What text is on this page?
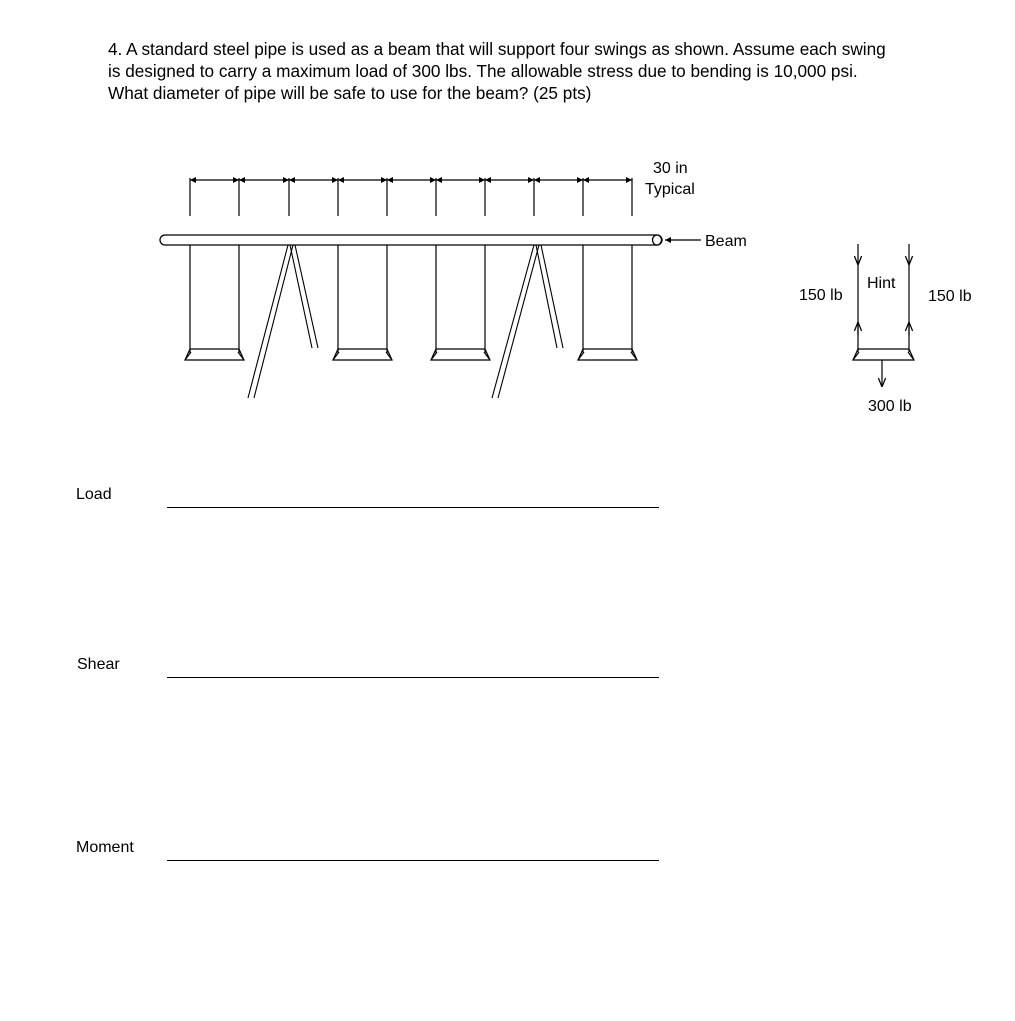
4. A standard steel pipe is used as a beam that will support four swings as shown. Assume each swing
is designed to carry a maximum load of 300 lbs. The allowable stress due to bending is 10,000 psi.
What diameter of pipe will be safe to use for the beam? (25 pts)
30 in
Typical
Beam
Hint
150 lb	150 lb
300 lb
Load
Shear
Moment
